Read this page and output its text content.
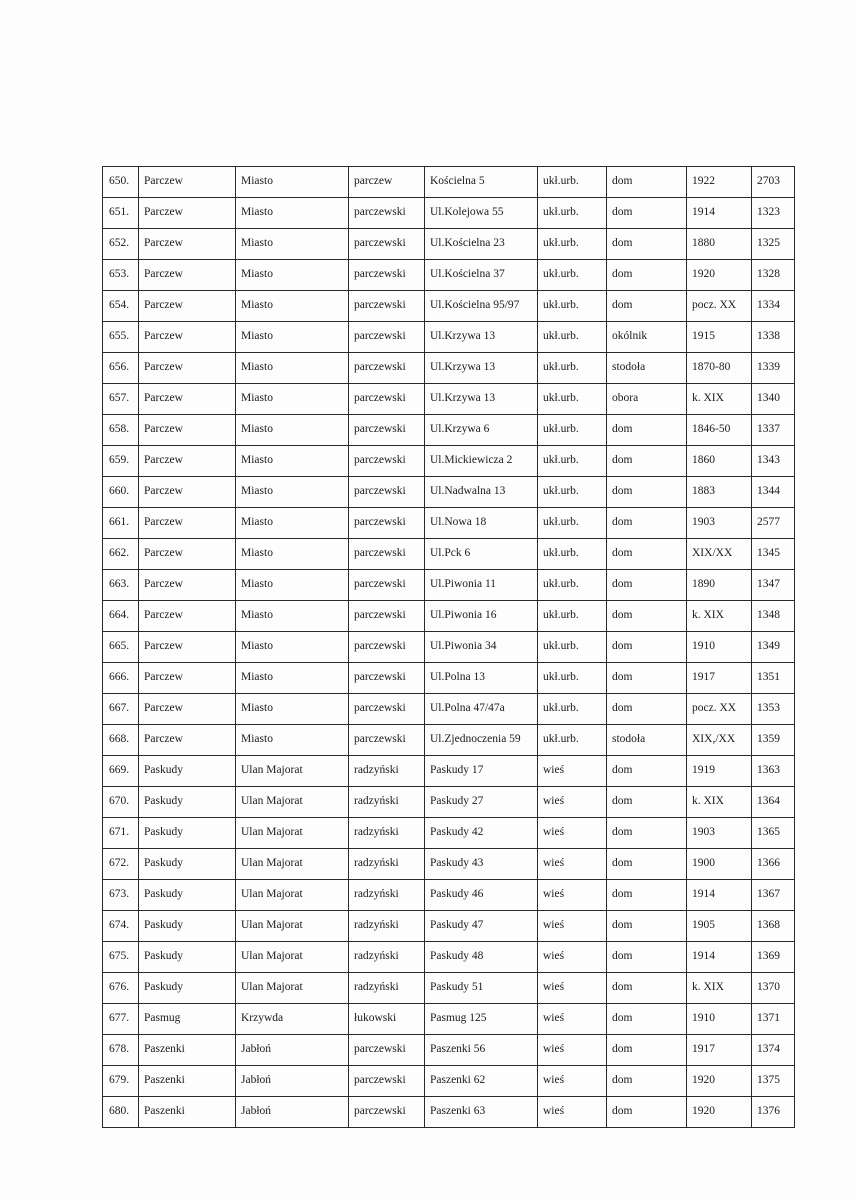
650.	Parczew	Miasto	parczew	Kościelna 5	ukł.urb.	dom	1922	2703
651.	Parczew	Miasto	parczewski	Ul.Kolejowa 55	ukł.urb.	dom	1914	1323
652.	Parczew	Miasto	parczewski	Ul.Kościelna 23	ukł.urb.	dom	1880	1325
653.	Parczew	Miasto	parczewski	Ul.Kościelna 37	ukł.urb.	dom	1920	1328
654.	Parczew	Miasto	parczewski	Ul.Kościelna 95/97	ukł.urb.	dom	pocz. XX	1334
655.	Parczew	Miasto	parczewski	Ul.Krzywa 13	ukł.urb.	okólnik	1915	1338
656.	Parczew	Miasto	parczewski	Ul.Krzywa 13	ukł.urb.	stodoła	1870-80	1339
657.	Parczew	Miasto	parczewski	Ul.Krzywa 13	ukł.urb.	obora	k. XIX	1340
658.	Parczew	Miasto	parczewski	Ul.Krzywa 6	ukł.urb.	dom	1846-50	1337
659.	Parczew	Miasto	parczewski	Ul.Mickiewicza 2	ukł.urb.	dom	1860	1343
660.	Parczew	Miasto	parczewski	Ul.Nadwalna 13	ukł.urb.	dom	1883	1344
661.	Parczew	Miasto	parczewski	Ul.Nowa 18	ukł.urb.	dom	1903	2577
662.	Parczew	Miasto	parczewski	Ul.Pck 6	ukł.urb.	dom	XIX/XX	1345
663.	Parczew	Miasto	parczewski	Ul.Piwonia 11	ukł.urb.	dom	1890	1347
664.	Parczew	Miasto	parczewski	Ul.Piwonia 16	ukł.urb.	dom	k. XIX	1348
665.	Parczew	Miasto	parczewski	Ul.Piwonia 34	ukł.urb.	dom	1910	1349
666.	Parczew	Miasto	parczewski	Ul.Polna 13	ukł.urb.	dom	1917	1351
667.	Parczew	Miasto	parczewski	Ul.Polna 47/47a	ukł.urb.	dom	pocz. XX	1353
668.	Parczew	Miasto	parczewski	Ul.Zjednoczenia 59	ukł.urb.	stodoła	XIX,/XX	1359
669.	Paskudy	Ulan Majorat	radzyński	Paskudy 17	wieś	dom	1919	1363
670.	Paskudy	Ulan Majorat	radzyński	Paskudy 27	wieś	dom	k. XIX	1364
671.	Paskudy	Ulan Majorat	radzyński	Paskudy 42	wieś	dom	1903	1365
672.	Paskudy	Ulan Majorat	radzyński	Paskudy 43	wieś	dom	1900	1366
673.	Paskudy	Ulan Majorat	radzyński	Paskudy 46	wieś	dom	1914	1367
674.	Paskudy	Ulan Majorat	radzyński	Paskudy 47	wieś	dom	1905	1368
675.	Paskudy	Ulan Majorat	radzyński	Paskudy 48	wieś	dom	1914	1369
676.	Paskudy	Ulan Majorat	radzyński	Paskudy 51	wieś	dom	k. XIX	1370
677.	Pasmug	Krzywda	łukowski	Pasmug 125	wieś	dom	1910	1371
678.	Paszenki	Jabłoń	parczewski	Paszenki 56	wieś	dom	1917	1374
679.	Paszenki	Jabłoń	parczewski	Paszenki 62	wieś	dom	1920	1375
680.	Paszenki	Jabłoń	parczewski	Paszenki 63	wieś	dom	1920	1376
